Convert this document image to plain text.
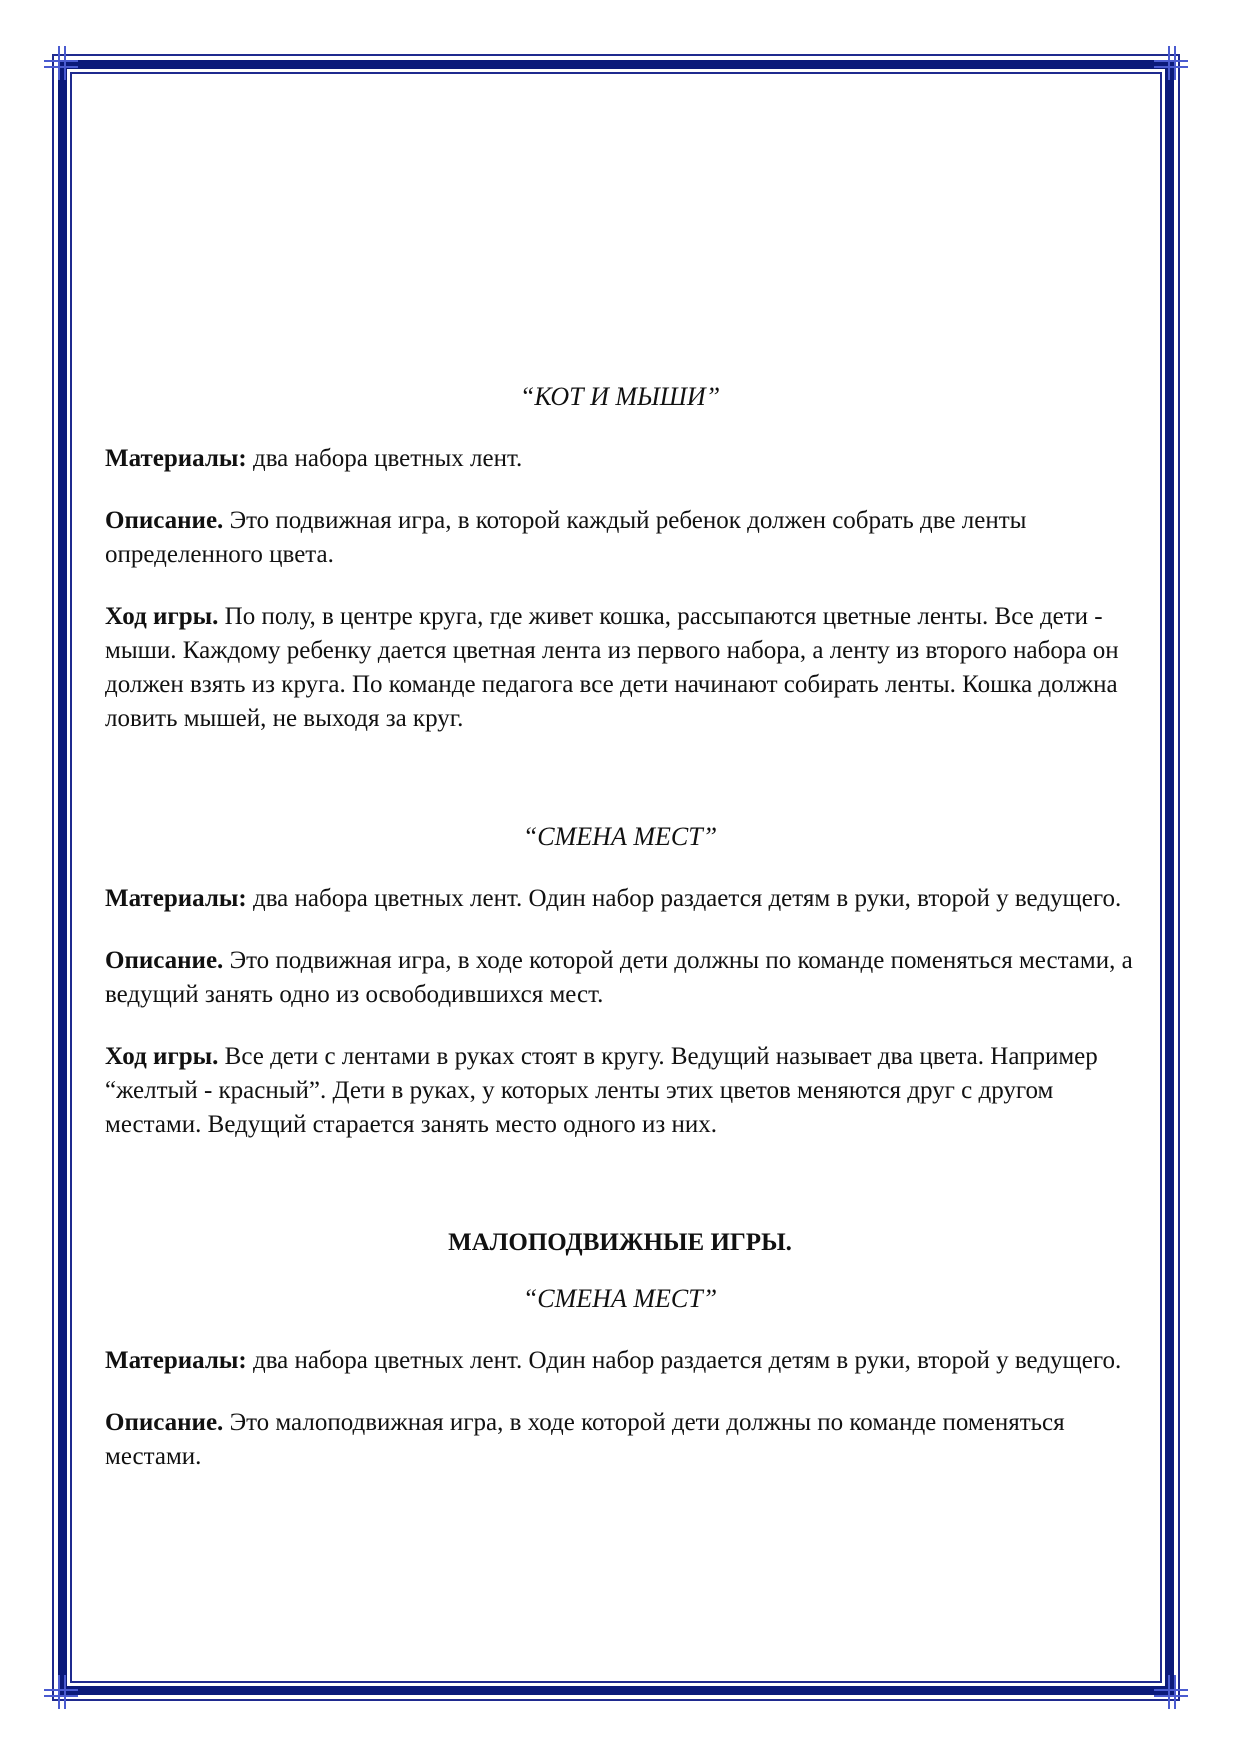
“КОТ И МЫШИ”

Материалы: два набора цветных лент.

Описание. Это подвижная игра, в которой каждый ребенок должен собрать две ленты определенного цвета.

Ход игры. По полу, в центре круга, где живет кошка, рассыпаются цветные ленты. Все дети - мыши. Каждому ребенку дается цветная лента из первого набора, а ленту из второго набора он должен взять из круга. По команде педагога все дети начинают собирать ленты. Кошка должна ловить мышей, не выходя за круг.

“СМЕНА МЕСТ”

Материалы: два набора цветных лент. Один набор раздается детям в руки, второй у ведущего.

Описание. Это подвижная игра, в ходе которой дети должны по команде поменяться местами, а ведущий занять одно из освободившихся мест.

Ход игры. Все дети с лентами в руках стоят в кругу. Ведущий называет два цвета. Например “желтый - красный”. Дети в руках, у которых ленты этих цветов меняются друг с другом местами. Ведущий старается занять место одного из них.

МАЛОПОДВИЖНЫЕ ИГРЫ.
“СМЕНА МЕСТ”

Материалы: два набора цветных лент. Один набор раздается детям в руки, второй у ведущего.

Описание. Это малоподвижная игра, в ходе которой дети должны по команде поменяться местами.
